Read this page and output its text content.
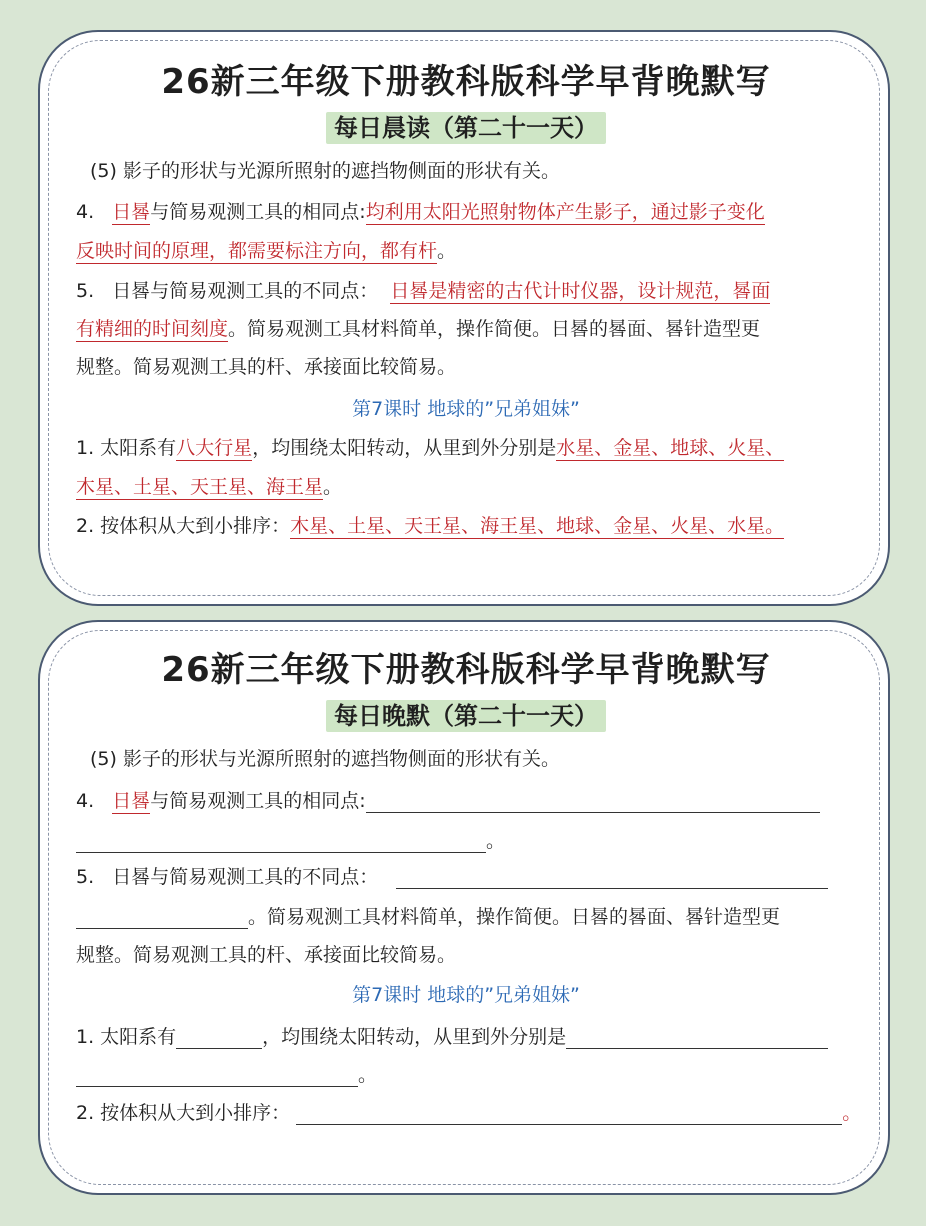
26新三年级下册教科版科学早背晚默写
每日晨读（第二十一天）
(5) 影子的形状与光源所照射的遮挡物侧面的形状有关。
4. 日晷与简易观测工具的相同点:均利用太阳光照射物体产生影子，通过影子变化
反映时间的原理，都需要标注方向，都有杆。
5. 日晷与简易观测工具的不同点： 日晷是精密的古代计时仪器，设计规范，晷面
有精细的时间刻度。简易观测工具材料简单，操作简便。日晷的晷面、晷针造型更
规整。简易观测工具的杆、承接面比较简易。
第7课时 地球的”兄弟姐妹”
1. 太阳系有八大行星，均围绕太阳转动，从里到外分别是水星、金星、地球、火星、
木星、土星、天王星、海王星。
2. 按体积从大到小排序：木星、土星、天王星、海王星、地球、金星、火星、水星。
26新三年级下册教科版科学早背晚默写
每日晚默（第二十一天）
(5) 影子的形状与光源所照射的遮挡物侧面的形状有关。
4. 日晷与简易观测工具的相同点:
。
5. 日晷与简易观测工具的不同点：
。简易观测工具材料简单，操作简便。日晷的晷面、晷针造型更
规整。简易观测工具的杆、承接面比较简易。
第7课时 地球的”兄弟姐妹”
1. 太阳系有	，均围绕太阳转动，从里到外分别是
。
2. 按体积从大到小排序：	。
